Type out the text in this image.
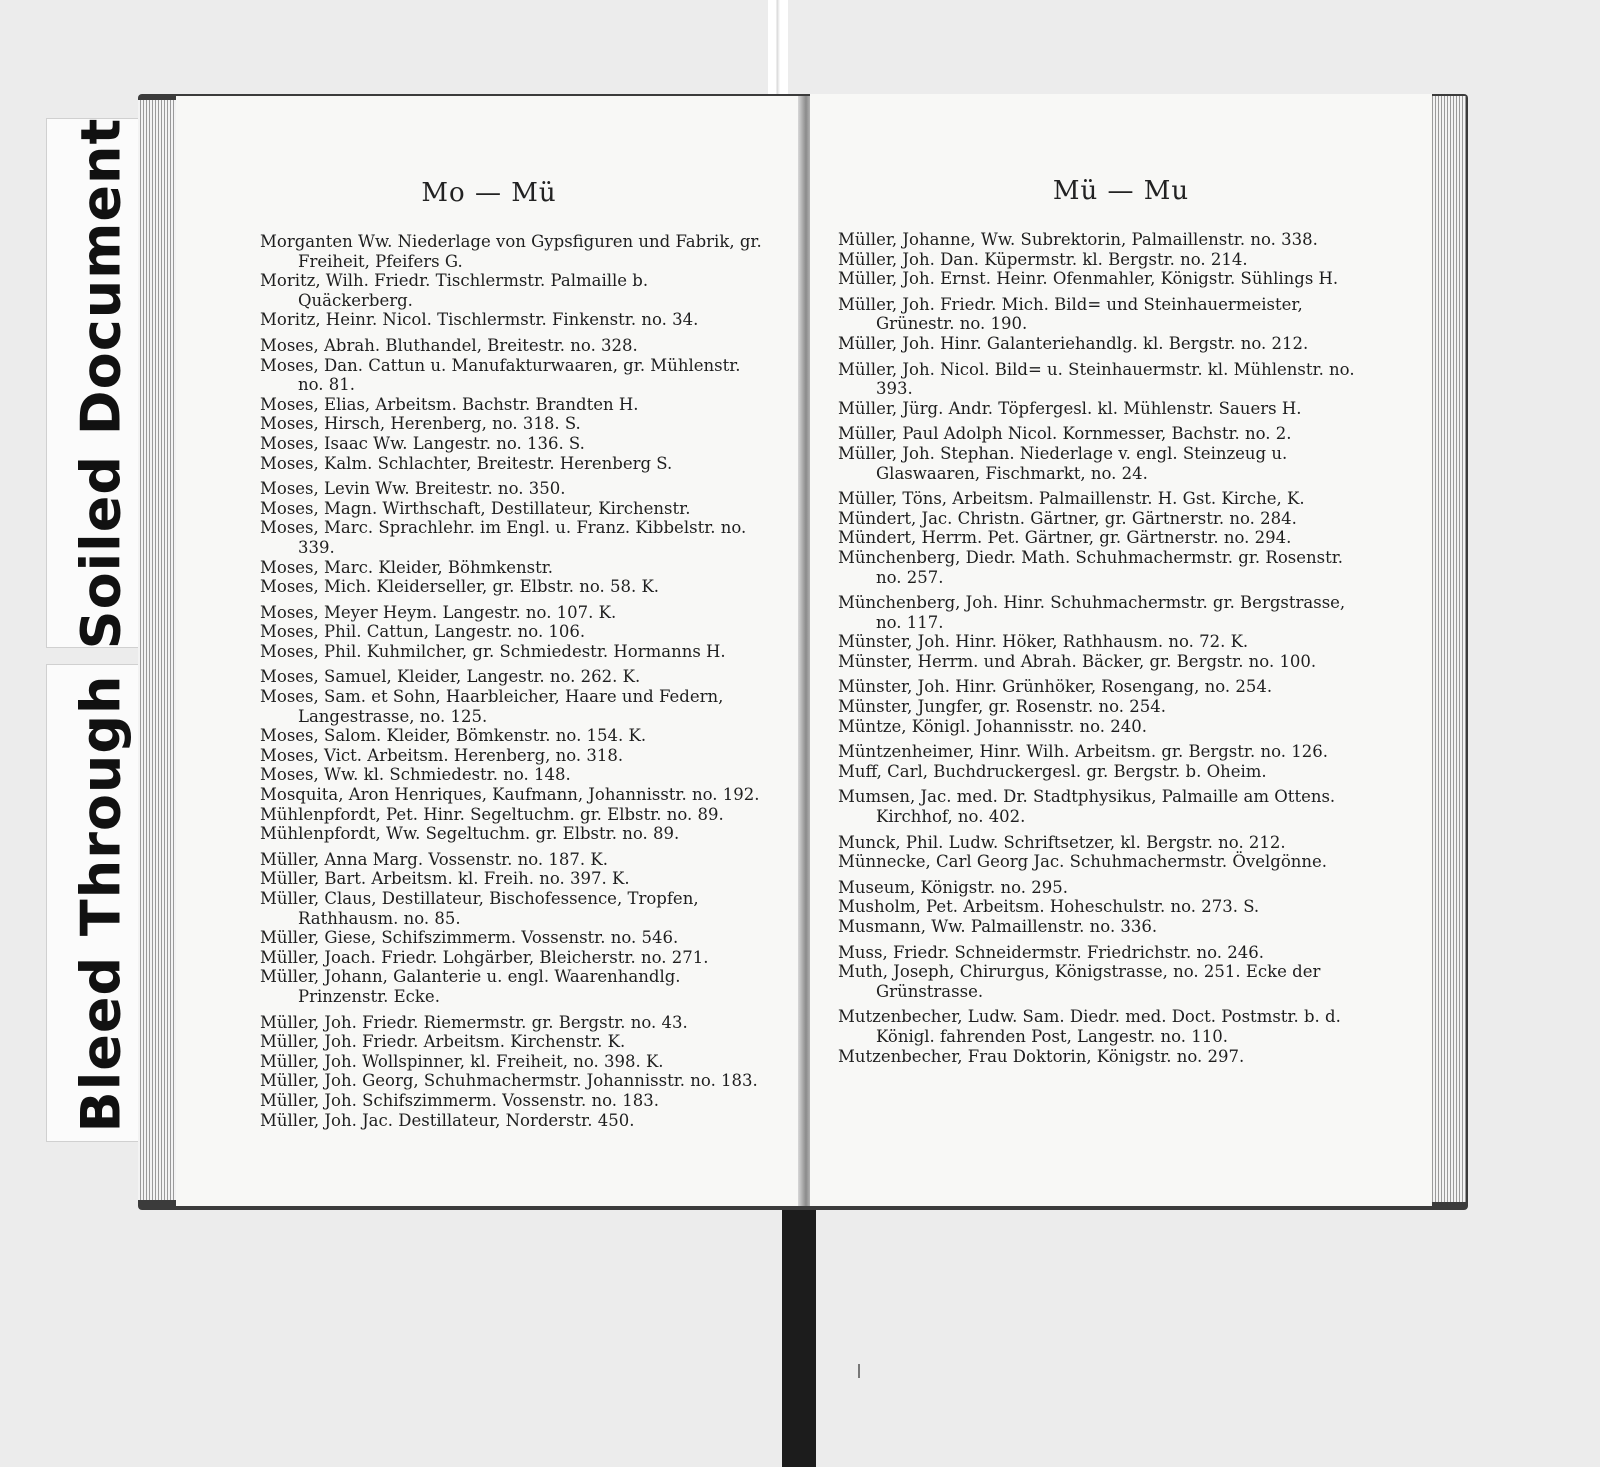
Soiled Document
Bleed Through
Mo — Mü
Morganten Ww. Niederlage von Gypsfiguren und Fabrik, gr. Freiheit, Pfeifers G.
Moritz, Wilh. Friedr. Tischlermstr. Palmaille b. Quäckerberg.
Moritz, Heinr. Nicol. Tischlermstr. Finkenstr. no. 34.
Moses, Abrah. Bluthandel, Breitestr. no. 328.
Moses, Dan. Cattun u. Manufakturwaaren, gr. Mühlenstr. no. 81.
Moses, Elias, Arbeitsm. Bachstr. Brandten H.
Moses, Hirsch, Herenberg, no. 318. S.
Moses, Isaac Ww. Langestr. no. 136. S.
Moses, Kalm. Schlachter, Breitestr. Herenberg S.
Moses, Levin Ww. Breitestr. no. 350.
Moses, Magn. Wirthschaft, Destillateur, Kirchenstr.
Moses, Marc. Sprachlehr. im Engl. u. Franz. Kibbelstr. no. 339.
Moses, Marc. Kleider, Böhmkenstr.
Moses, Mich. Kleiderseller, gr. Elbstr. no. 58. K.
Moses, Meyer Heym. Langestr. no. 107. K.
Moses, Phil. Cattun, Langestr. no. 106.
Moses, Phil. Kuhmilcher, gr. Schmiedestr. Hormanns H.
Moses, Samuel, Kleider, Langestr. no. 262. K.
Moses, Sam. et Sohn, Haarbleicher, Haare und Federn, Langestrasse, no. 125.
Moses, Salom. Kleider, Bömkenstr. no. 154. K.
Moses, Vict. Arbeitsm. Herenberg, no. 318.
Moses, Ww. kl. Schmiedestr. no. 148.
Mosquita, Aron Henriques, Kaufmann, Johannisstr. no. 192.
Mühlenpfordt, Pet. Hinr. Segeltuchm. gr. Elbstr. no. 89.
Mühlenpfordt, Ww. Segeltuchm. gr. Elbstr. no. 89.
Müller, Anna Marg. Vossenstr. no. 187. K.
Müller, Bart. Arbeitsm. kl. Freih. no. 397. K.
Müller, Claus, Destillateur, Bischofessence, Tropfen, Rathhausm. no. 85.
Müller, Giese, Schifszimmerm. Vossenstr. no. 546.
Müller, Joach. Friedr. Lohgärber, Bleicherstr. no. 271.
Müller, Johann, Galanterie u. engl. Waarenhandlg. Prinzenstr. Ecke.
Müller, Joh. Friedr. Riemermstr. gr. Bergstr. no. 43.
Müller, Joh. Friedr. Arbeitsm. Kirchenstr. K.
Müller, Joh. Wollspinner, kl. Freiheit, no. 398. K.
Müller, Joh. Georg, Schuhmachermstr. Johannisstr. no. 183.
Müller, Joh. Schifszimmerm. Vossenstr. no. 183.
Müller, Joh. Jac. Destillateur, Norderstr. 450.
Mü — Mu
Müller, Johanne, Ww. Subrektorin, Palmaillenstr. no. 338.
Müller, Joh. Dan. Küpermstr. kl. Bergstr. no. 214.
Müller, Joh. Ernst. Heinr. Ofenmahler, Königstr. Sühlings H.
Müller, Joh. Friedr. Mich. Bild= und Steinhauermeister, Grünestr. no. 190.
Müller, Joh. Hinr. Galanteriehandlg. kl. Bergstr. no. 212.
Müller, Joh. Nicol. Bild= u. Steinhauermstr. kl. Mühlenstr. no. 393.
Müller, Jürg. Andr. Töpfergesl. kl. Mühlenstr. Sauers H.
Müller, Paul Adolph Nicol. Kornmesser, Bachstr. no. 2.
Müller, Joh. Stephan. Niederlage v. engl. Steinzeug u. Glaswaaren, Fischmarkt, no. 24.
Müller, Töns, Arbeitsm. Palmaillenstr. H. Gst. Kirche, K.
Mündert, Jac. Christn. Gärtner, gr. Gärtnerstr. no. 284.
Mündert, Herrm. Pet. Gärtner, gr. Gärtnerstr. no. 294.
Münchenberg, Diedr. Math. Schuhmachermstr. gr. Rosenstr. no. 257.
Münchenberg, Joh. Hinr. Schuhmachermstr. gr. Bergstrasse, no. 117.
Münster, Joh. Hinr. Höker, Rathhausm. no. 72. K.
Münster, Herrm. und Abrah. Bäcker, gr. Bergstr. no. 100.
Münster, Joh. Hinr. Grünhöker, Rosengang, no. 254.
Münster, Jungfer, gr. Rosenstr. no. 254.
Müntze, Königl. Johannisstr. no. 240.
Müntzenheimer, Hinr. Wilh. Arbeitsm. gr. Bergstr. no. 126.
Muff, Carl, Buchdruckergesl. gr. Bergstr. b. Oheim.
Mumsen, Jac. med. Dr. Stadtphysikus, Palmaille am Ottens. Kirchhof, no. 402.
Munck, Phil. Ludw. Schriftsetzer, kl. Bergstr. no. 212.
Münnecke, Carl Georg Jac. Schuhmachermstr. Övelgönne.
Museum, Königstr. no. 295.
Musholm, Pet. Arbeitsm. Hoheschulstr. no. 273. S.
Musmann, Ww. Palmaillenstr. no. 336.
Muss, Friedr. Schneidermstr. Friedrichstr. no. 246.
Muth, Joseph, Chirurgus, Königstrasse, no. 251. Ecke der Grünstrasse.
Mutzenbecher, Ludw. Sam. Diedr. med. Doct. Postmstr. b. d. Königl. fahrenden Post, Langestr. no. 110.
Mutzenbecher, Frau Doktorin, Königstr. no. 297.
